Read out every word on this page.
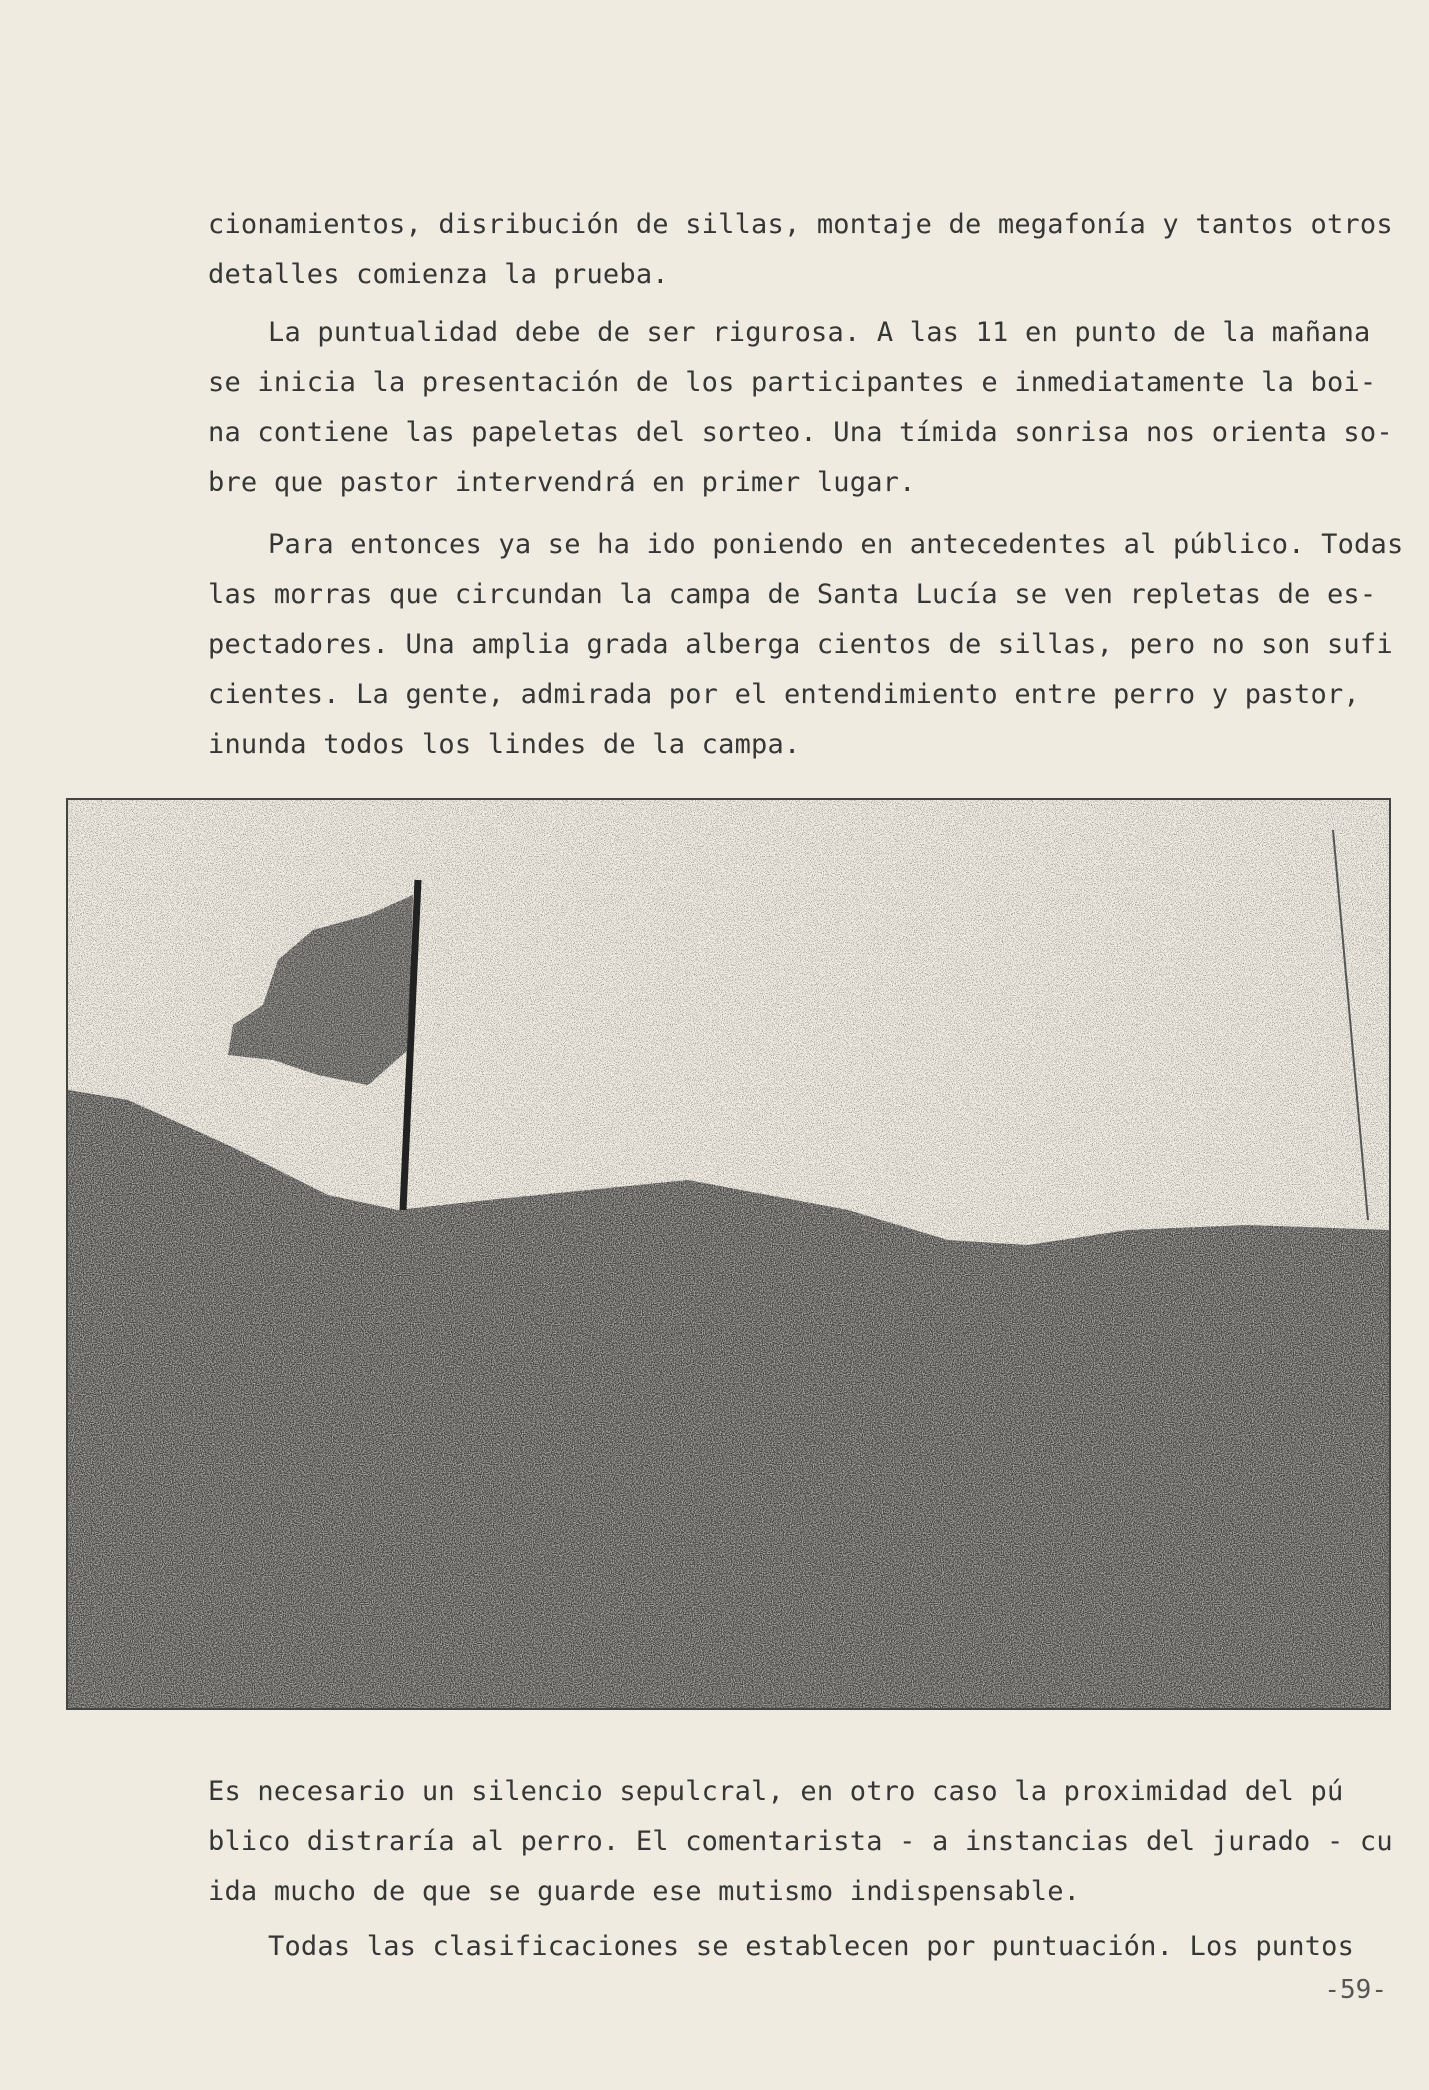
cionamientos, disribución de sillas, montaje de megafonía y tantos otros
detalles comienza la prueba.
La puntualidad debe de ser rigurosa. A las 11 en punto de la mañana
se inicia la presentación de los participantes e inmediatamente la boi-
na contiene las papeletas del sorteo. Una tímida sonrisa nos orienta so-
bre que pastor intervendrá en primer lugar.
Para entonces ya se ha ido poniendo en antecedentes al público. Todas
las morras que circundan la campa de Santa Lucía se ven repletas de es-
pectadores. Una amplia grada alberga cientos de sillas, pero no son sufi
cientes. La gente, admirada por el entendimiento entre perro y pastor,
inunda todos los lindes de la campa.
Es necesario un silencio sepulcral, en otro caso la proximidad del pú
blico distraría al perro. El comentarista - a instancias del jurado - cu
ida mucho de que se guarde ese mutismo indispensable.
Todas las clasificaciones se establecen por puntuación. Los puntos
-59-
